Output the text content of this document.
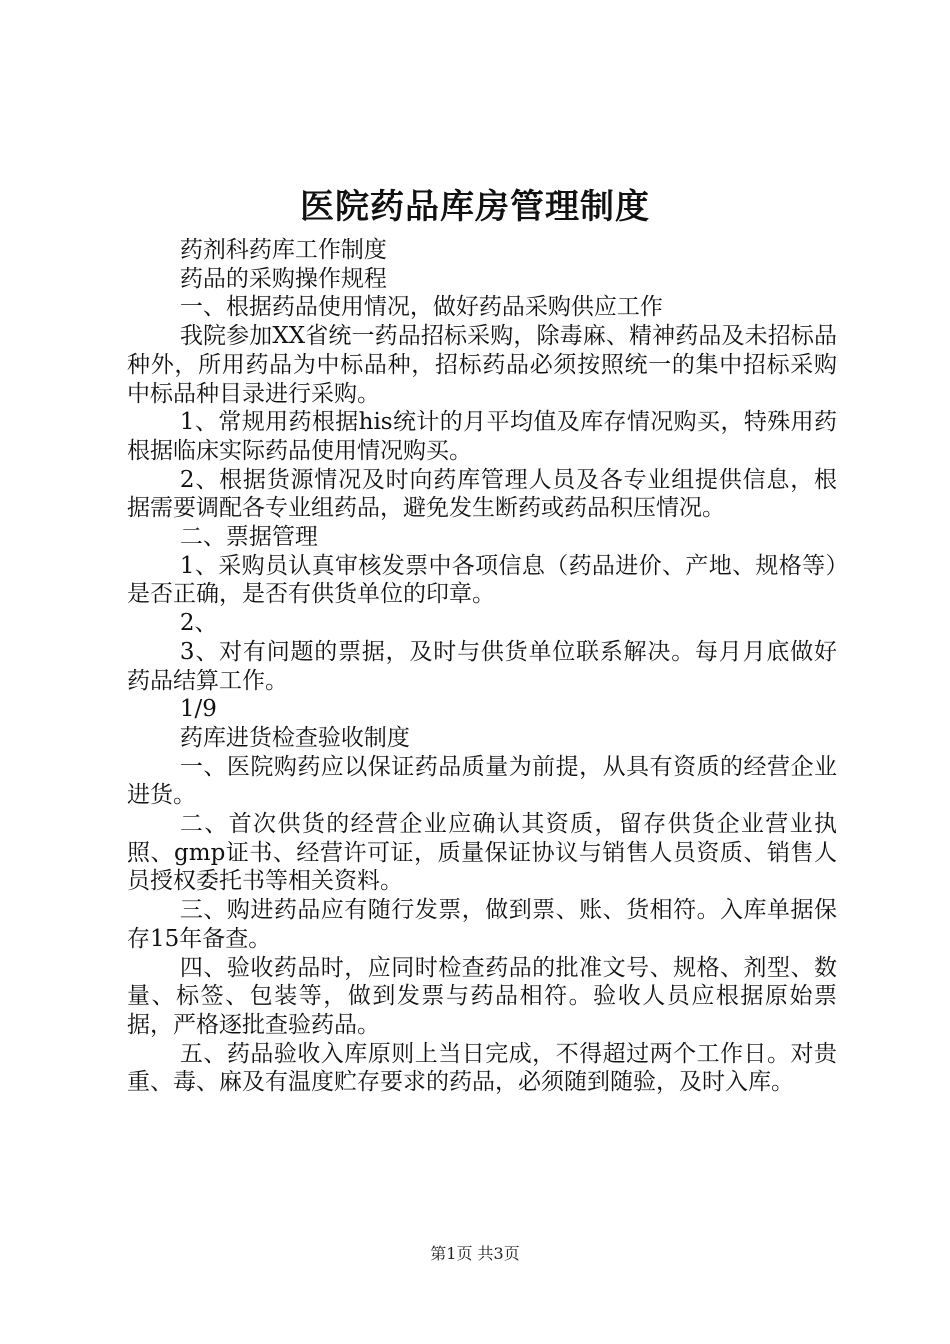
医院药品库房管理制度

药剂科药库工作制度

药品的采购操作规程

一、根据药品使用情况，做好药品采购供应工作

我院参加XX省统一药品招标采购，除毒麻、精神药品及未招标品种外，所用药品为中标品种，招标药品必须按照统一的集中招标采购中标品种目录进行采购。

1、常规用药根据his统计的月平均值及库存情况购买，特殊用药根据临床实际药品使用情况购买。

2、根据货源情况及时向药库管理人员及各专业组提供信息，根据需要调配各专业组药品，避免发生断药或药品积压情况。

二、票据管理

1、采购员认真审核发票中各项信息（药品进价、产地、规格等）是否正确，是否有供货单位的印章。

2、

3、对有问题的票据，及时与供货单位联系解决。每月月底做好药品结算工作。

1/9

药库进货检查验收制度

一、医院购药应以保证药品质量为前提，从具有资质的经营企业进货。

二、首次供货的经营企业应确认其资质，留存供货企业营业执照、gmp证书、经营许可证，质量保证协议与销售人员资质、销售人员授权委托书等相关资料。

三、购进药品应有随行发票，做到票、账、货相符。入库单据保存15年备查。

四、验收药品时，应同时检查药品的批准文号、规格、剂型、数量、标签、包装等，做到发票与药品相符。验收人员应根据原始票据，严格逐批查验药品。

五、药品验收入库原则上当日完成，不得超过两个工作日。对贵重、毒、麻及有温度贮存要求的药品，必须随到随验，及时入库。

第1页 共3页
